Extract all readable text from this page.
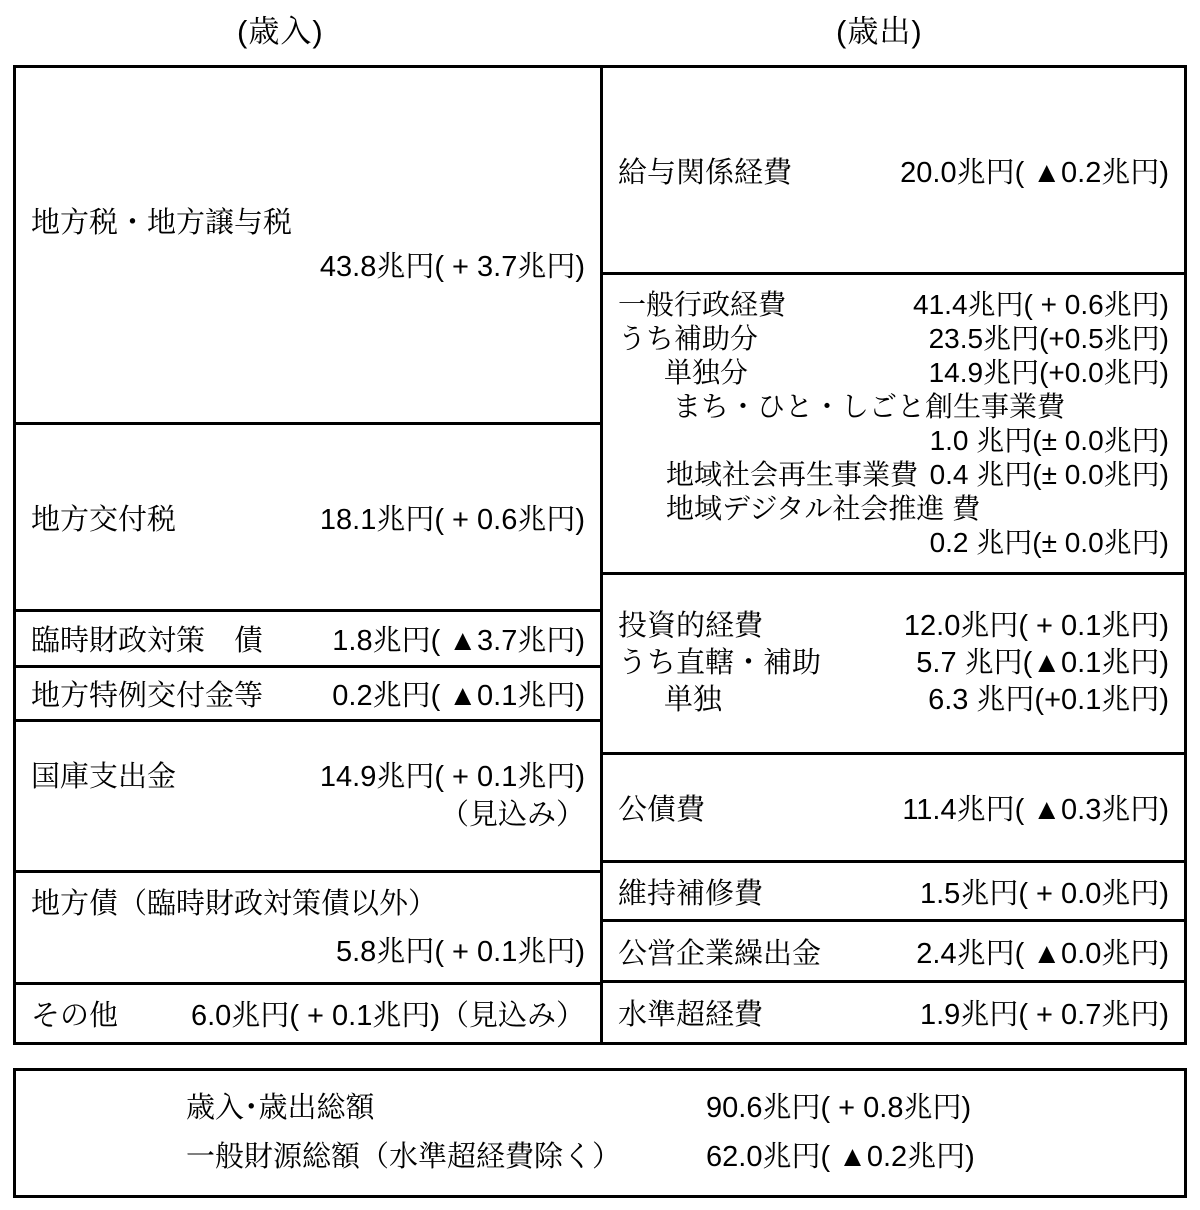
(歳入)	(歳出)
地方税・地方譲与税
43.8兆円( + 3.7兆円)
地方交付税	18.1兆円( + 0.6兆円)
臨時財政対策　債 1.8兆円( ▲3.7兆円)
地方特例交付金等 0.2兆円( ▲0.1兆円)
国庫支出金	14.9兆円( + 0.1兆円)
（見込み）
地方債（臨時財政対策債以外）
5.8兆円( + 0.1兆円)
その他	6.0兆円( + 0.1兆円)（見込み）
給与関係経費	20.0兆円( ▲0.2兆円)
一般行政経費	41.4兆円( + 0.6兆円)
うち補助分	23.5兆円(+0.5兆円)
単独分	14.9兆円(+0.0兆円)
まち・ひと・しごと創生事業費
1.0 兆円(± 0.0兆円)
地域社会再生事業費 0.4 兆円(± 0.0兆円)
地域デジタル社会推進 費
0.2 兆円(± 0.0兆円)
投資的経費	12.0兆円( + 0.1兆円)
うち直轄・補助	5.7 兆円(▲0.1兆円)
単独	6.3 兆円(+0.1兆円)
公債費	11.4兆円( ▲0.3兆円)
維持補修費	1.5兆円( + 0.0兆円)
公営企業繰出金	2.4兆円( ▲0.0兆円)
水準超経費	1.9兆円( + 0.7兆円)
歳入･歳出総額	90.6兆円( + 0.8兆円)
一般財源総額（水準超経費除く）	62.0兆円( ▲0.2兆円)
